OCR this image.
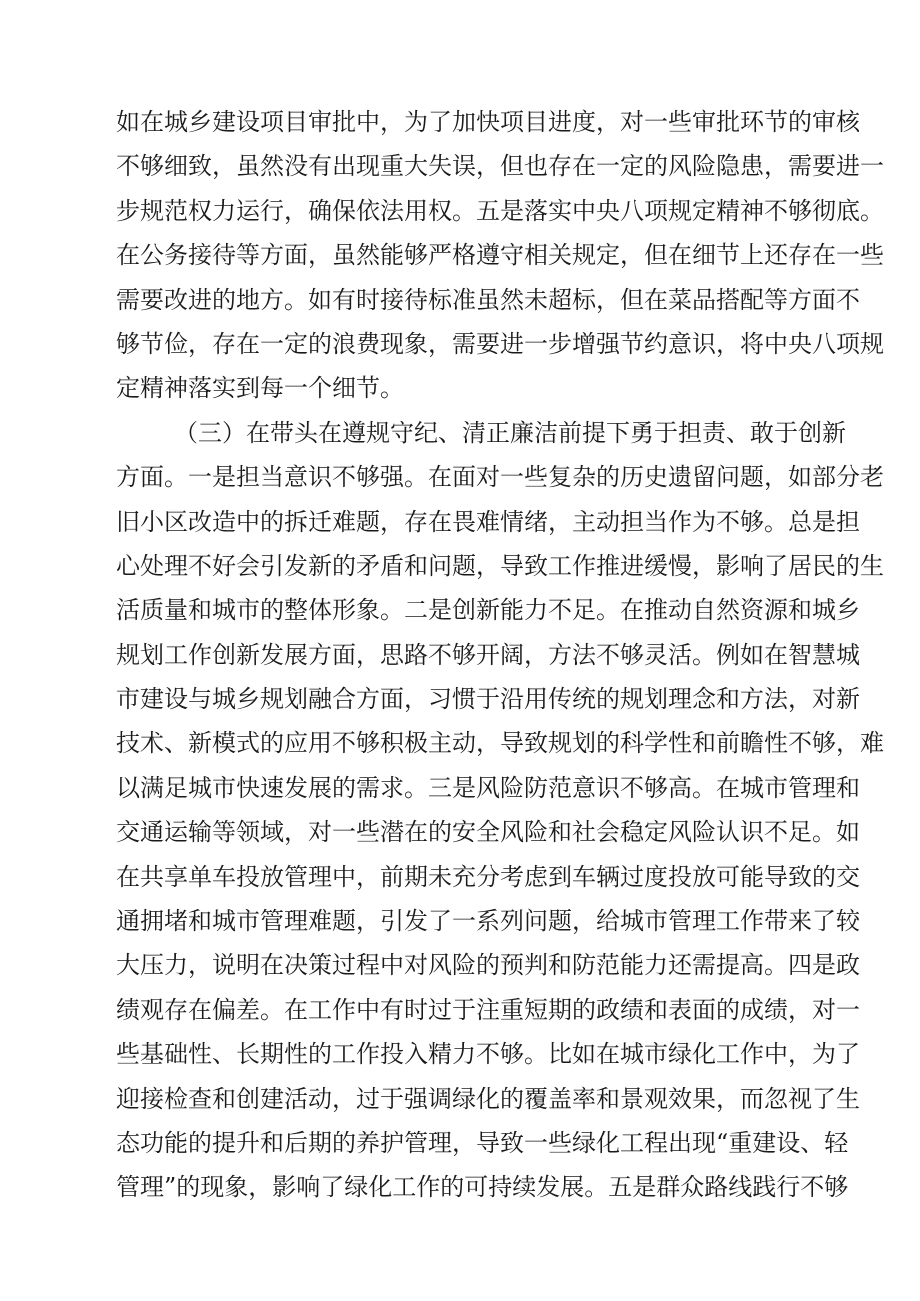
如在城乡建设项目审批中，为了加快项目进度，对一些审批环节的审核
不够细致，虽然没有出现重大失误，但也存在一定的风险隐患，需要进一
步规范权力运行，确保依法用权。五是落实中央八项规定精神不够彻底。
在公务接待等方面，虽然能够严格遵守相关规定，但在细节上还存在一些
需要改进的地方。如有时接待标准虽然未超标，但在菜品搭配等方面不
够节俭，存在一定的浪费现象，需要进一步增强节约意识，将中央八项规
定精神落实到每一个细节。
（三）在带头在遵规守纪、清正廉洁前提下勇于担责、敢于创新
方面。一是担当意识不够强。在面对一些复杂的历史遗留问题，如部分老
旧小区改造中的拆迁难题，存在畏难情绪，主动担当作为不够。总是担
心处理不好会引发新的矛盾和问题，导致工作推进缓慢，影响了居民的生
活质量和城市的整体形象。二是创新能力不足。在推动自然资源和城乡
规划工作创新发展方面，思路不够开阔，方法不够灵活。例如在智慧城
市建设与城乡规划融合方面，习惯于沿用传统的规划理念和方法，对新
技术、新模式的应用不够积极主动，导致规划的科学性和前瞻性不够，难
以满足城市快速发展的需求。三是风险防范意识不够高。在城市管理和
交通运输等领域，对一些潜在的安全风险和社会稳定风险认识不足。如
在共享单车投放管理中，前期未充分考虑到车辆过度投放可能导致的交
通拥堵和城市管理难题，引发了一系列问题，给城市管理工作带来了较
大压力，说明在决策过程中对风险的预判和防范能力还需提高。四是政
绩观存在偏差。在工作中有时过于注重短期的政绩和表面的成绩，对一
些基础性、长期性的工作投入精力不够。比如在城市绿化工作中，为了
迎接检查和创建活动，过于强调绿化的覆盖率和景观效果，而忽视了生
态功能的提升和后期的养护管理，导致一些绿化工程出现“重建设、轻
管理”的现象，影响了绿化工作的可持续发展。五是群众路线践行不够
